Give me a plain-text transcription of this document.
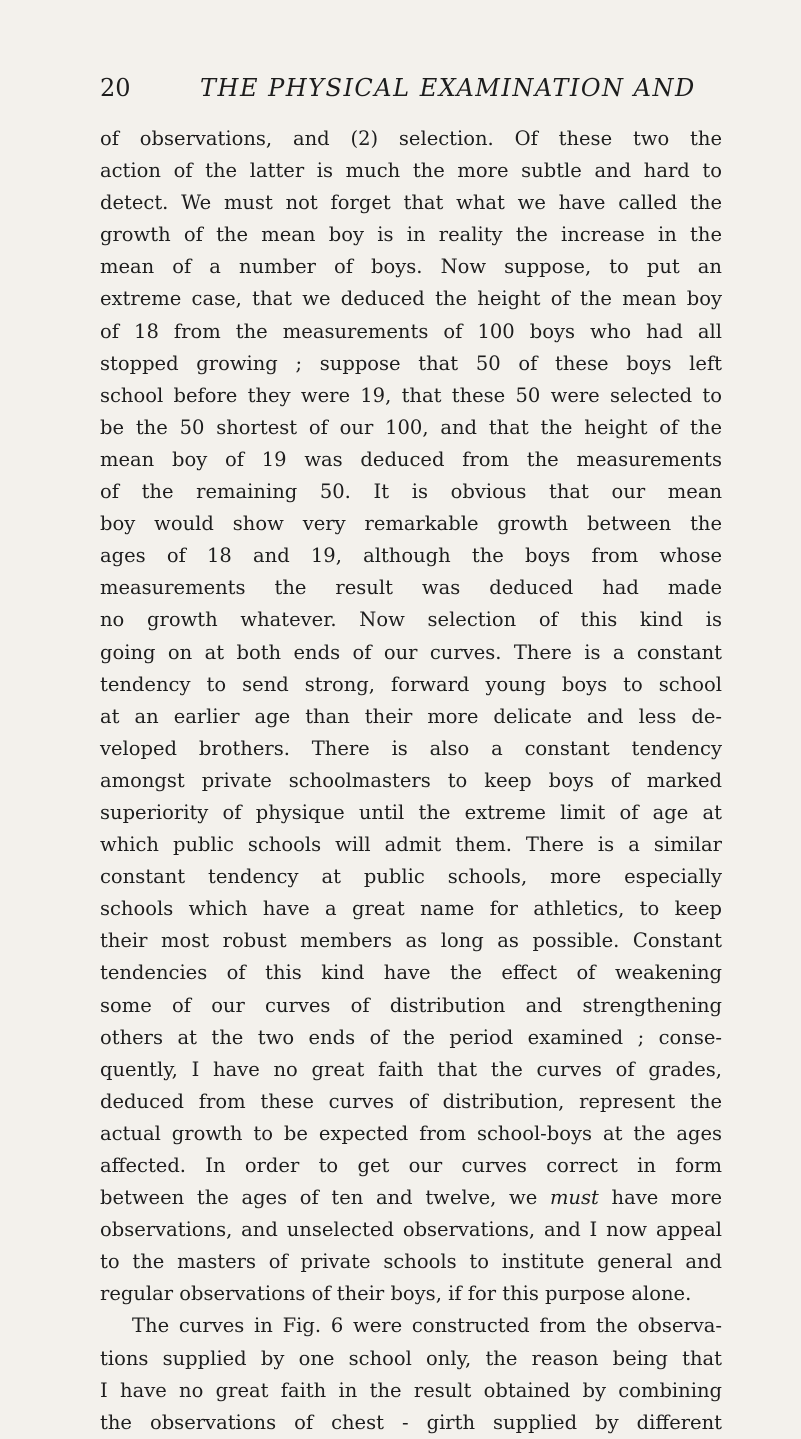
20	THE PHYSICAL EXAMINATION AND
of observations, and (2) selection. Of these two the
action of the latter is much the more subtle and hard to
detect. We must not forget that what we have called the
growth of the mean boy is in reality the increase in the
mean of a number of boys. Now suppose, to put an
extreme case, that we deduced the height of the mean boy
of 18 from the measurements of 100 boys who had all
stopped growing ; suppose that 50 of these boys left
school before they were 19, that these 50 were selected to
be the 50 shortest of our 100, and that the height of the
mean boy of 19 was deduced from the measurements
of the remaining 50. It is obvious that our mean
boy would show very remarkable growth between the
ages of 18 and 19, although the boys from whose
measurements the result was deduced had made
no growth whatever. Now selection of this kind is
going on at both ends of our curves. There is a constant
tendency to send strong, forward young boys to school
at an earlier age than their more delicate and less de-
veloped brothers. There is also a constant tendency
amongst private schoolmasters to keep boys of marked
superiority of physique until the extreme limit of age at
which public schools will admit them. There is a similar
constant tendency at public schools, more especially
schools which have a great name for athletics, to keep
their most robust members as long as possible. Constant
tendencies of this kind have the effect of weakening
some of our curves of distribution and strengthening
others at the two ends of the period examined ; conse-
quently, I have no great faith that the curves of grades,
deduced from these curves of distribution, represent the
actual growth to be expected from school-boys at the ages
affected. In order to get our curves correct in form
between the ages of ten and twelve, we must have more
observations, and unselected observations, and I now appeal
to the masters of private schools to institute general and
regular observations of their boys, if for this purpose alone.
The curves in Fig. 6 were constructed from the observa-
tions supplied by one school only, the reason being that
I have no great faith in the result obtained by combining
the observations of chest - girth supplied by different
